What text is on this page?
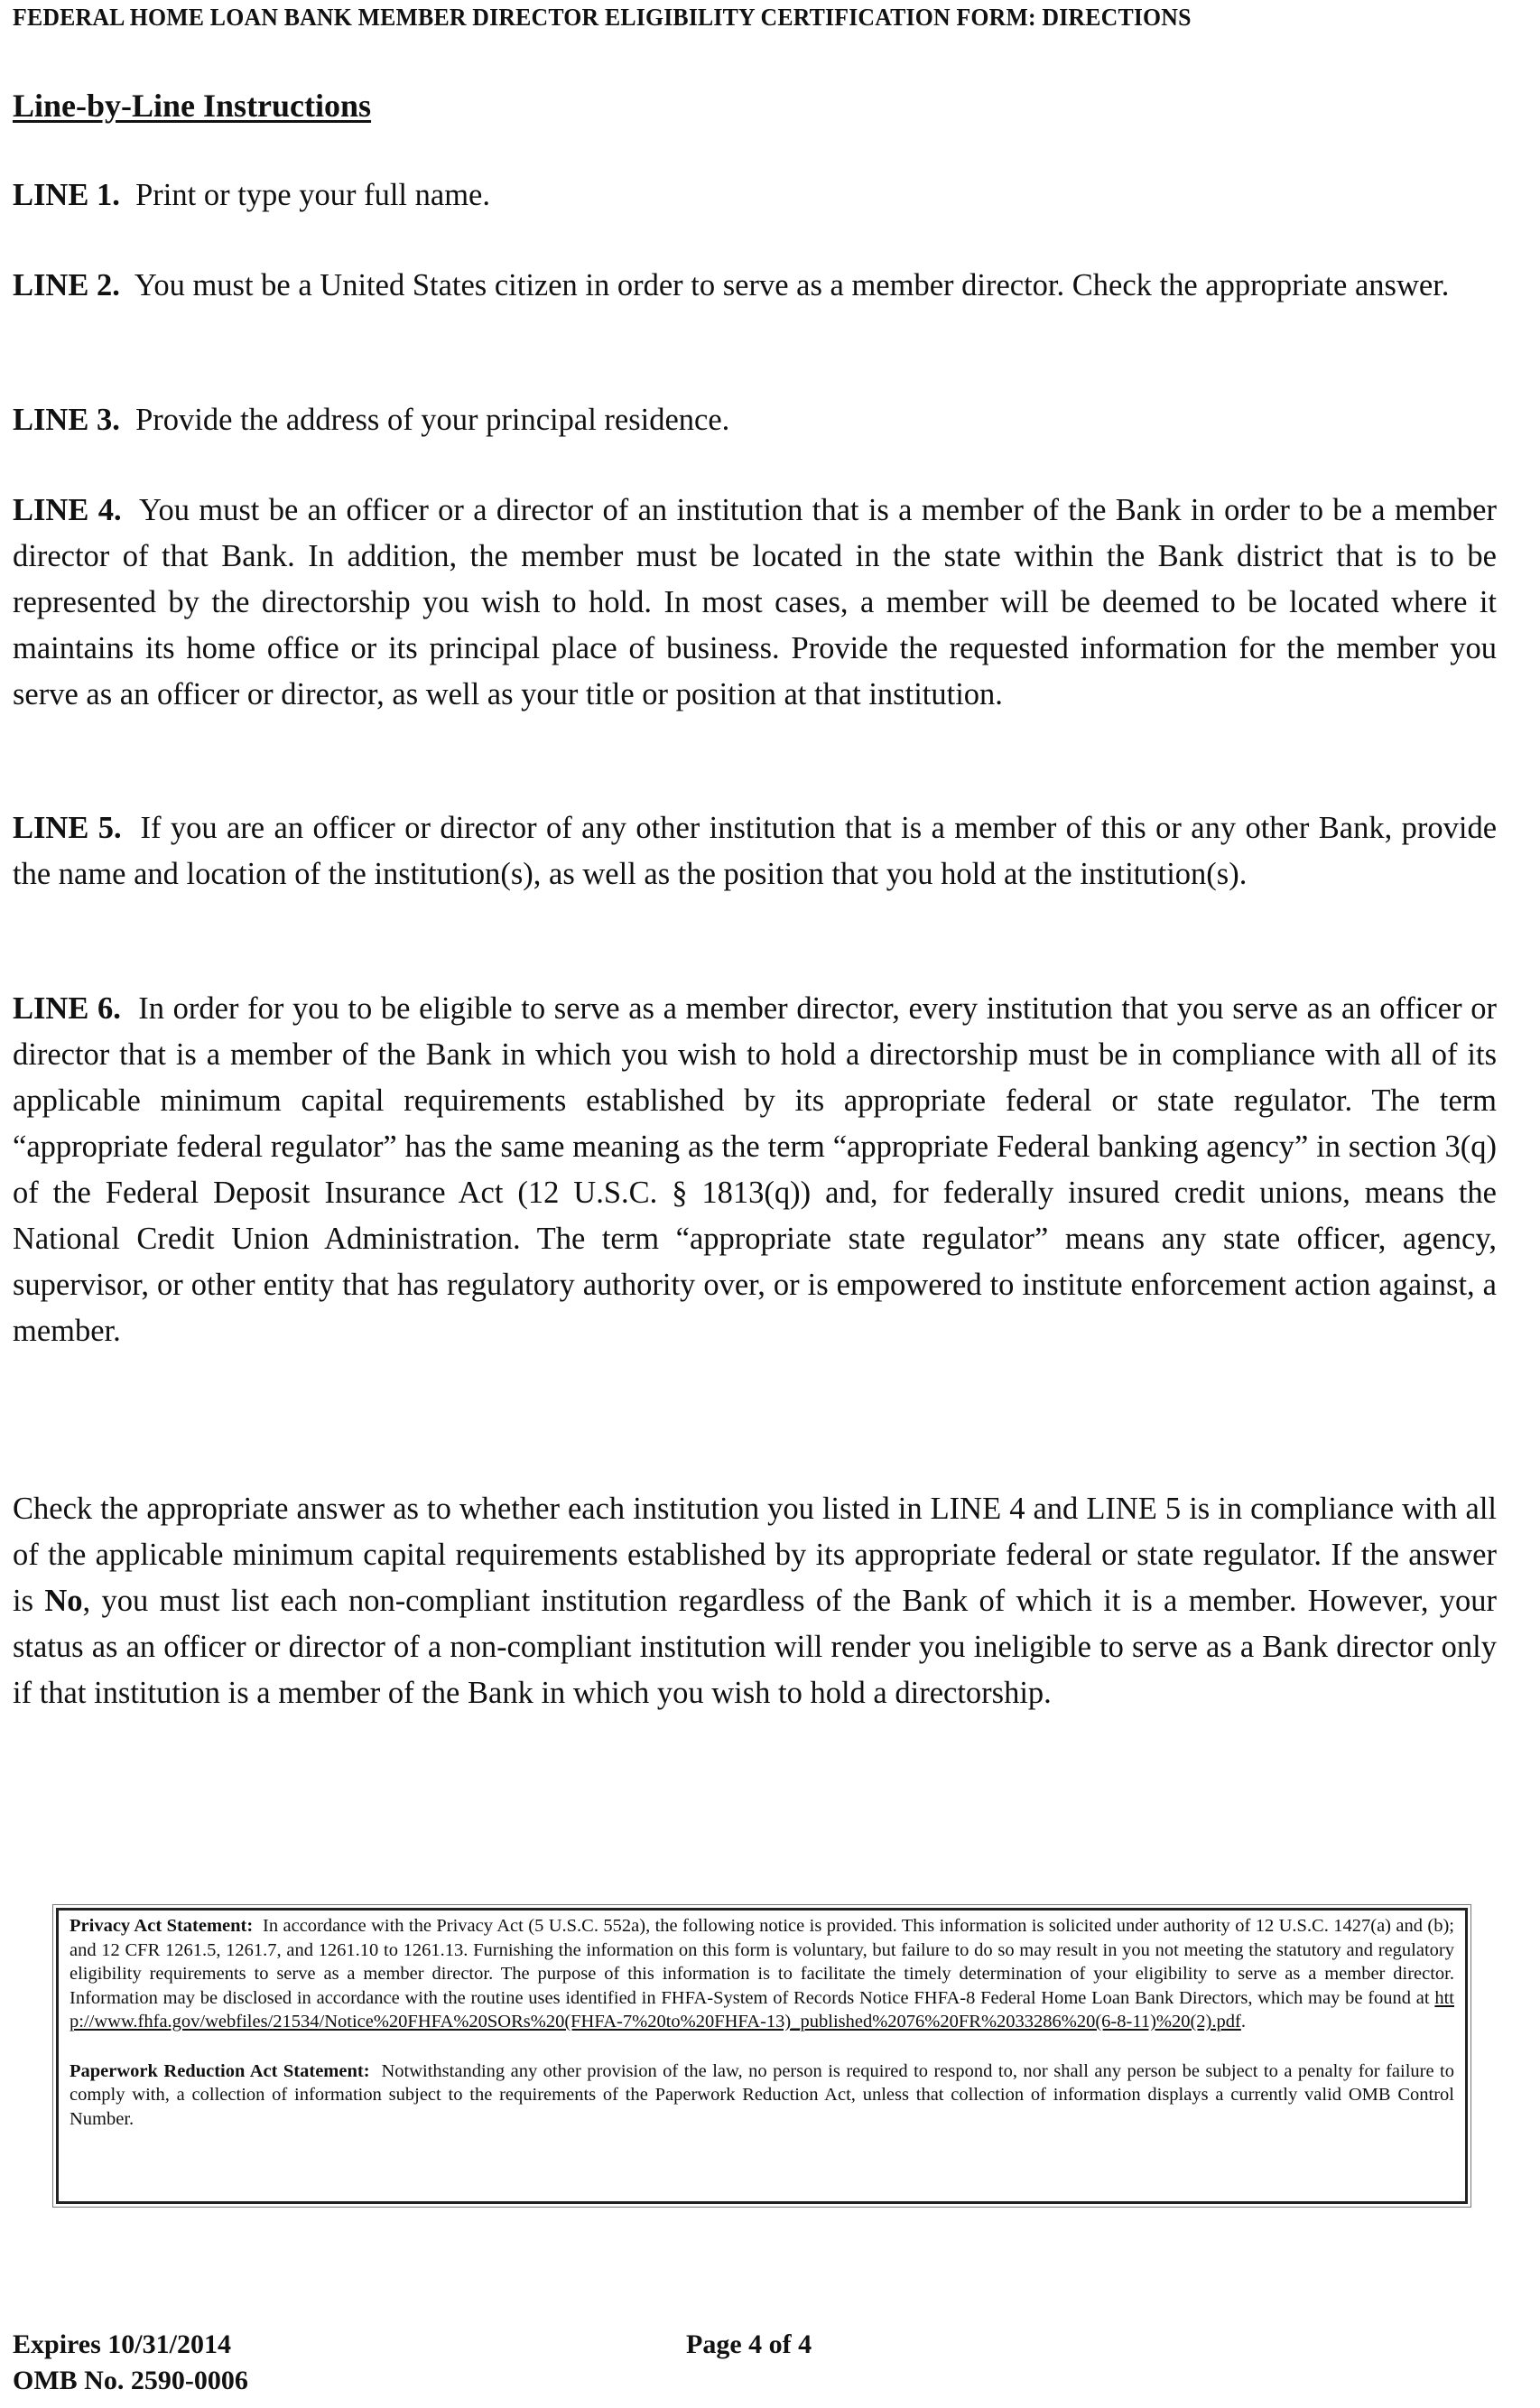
FEDERAL HOME LOAN BANK MEMBER DIRECTOR ELIGIBILITY CERTIFICATION FORM: DIRECTIONS
Line-by-Line Instructions

LINE 1. Print or type your full name.

LINE 2. You must be a United States citizen in order to serve as a member director. Check the appropriate answer.

LINE 3. Provide the address of your principal residence.

LINE 4. You must be an officer or a director of an institution that is a member of the Bank in order to be a member director of that Bank. In addition, the member must be located in the state within the Bank district that is to be represented by the directorship you wish to hold. In most cases, a member will be deemed to be located where it maintains its home office or its principal place of business. Provide the requested information for the member you serve as an officer or director, as well as your title or position at that institution.

LINE 5. If you are an officer or director of any other institution that is a member of this or any other Bank, provide the name and location of the institution(s), as well as the position that you hold at the institution(s).

LINE 6. In order for you to be eligible to serve as a member director, every institution that you serve as an officer or director that is a member of the Bank in which you wish to hold a directorship must be in compliance with all of its applicable minimum capital requirements established by its appropriate federal or state regulator. The term “appropriate federal regulator” has the same meaning as the term “appropriate Federal banking agency” in section 3(q) of the Federal Deposit Insurance Act (12 U.S.C. § 1813(q)) and, for federally insured credit unions, means the National Credit Union Administration. The term “appropriate state regulator” means any state officer, agency, supervisor, or other entity that has regulatory authority over, or is empowered to institute enforcement action against, a member.

Check the appropriate answer as to whether each institution you listed in LINE 4 and LINE 5 is in compliance with all of the applicable minimum capital requirements established by its appropriate federal or state regulator. If the answer is No, you must list each non-compliant institution regardless of the Bank of which it is a member. However, your status as an officer or director of a non-compliant institution will render you ineligible to serve as a Bank director only if that institution is a member of the Bank in which you wish to hold a directorship.

Privacy Act Statement: In accordance with the Privacy Act (5 U.S.C. 552a), the following notice is provided. This information is solicited under authority of 12 U.S.C. 1427(a) and (b); and 12 CFR 1261.5, 1261.7, and 1261.10 to 1261.13. Furnishing the information on this form is voluntary, but failure to do so may result in you not meeting the statutory and regulatory eligibility requirements to serve as a member director. The purpose of this information is to facilitate the timely determination of your eligibility to serve as a member director. Information may be disclosed in accordance with the routine uses identified in FHFA-System of Records Notice FHFA-8 Federal Home Loan Bank Directors, which may be found at http://www.fhfa.gov/webfiles/21534/Notice%20FHFA%20SORs%20(FHFA-7%20to%20FHFA-13)_published%2076%20FR%2033286%20(6-8-11)%20(2).pdf.

Paperwork Reduction Act Statement: Notwithstanding any other provision of the law, no person is required to respond to, nor shall any person be subject to a penalty for failure to comply with, a collection of information subject to the requirements of the Paperwork Reduction Act, unless that collection of information displays a currently valid OMB Control Number.

Expires 10/31/2014
OMB No. 2590-0006
Page 4 of 4
